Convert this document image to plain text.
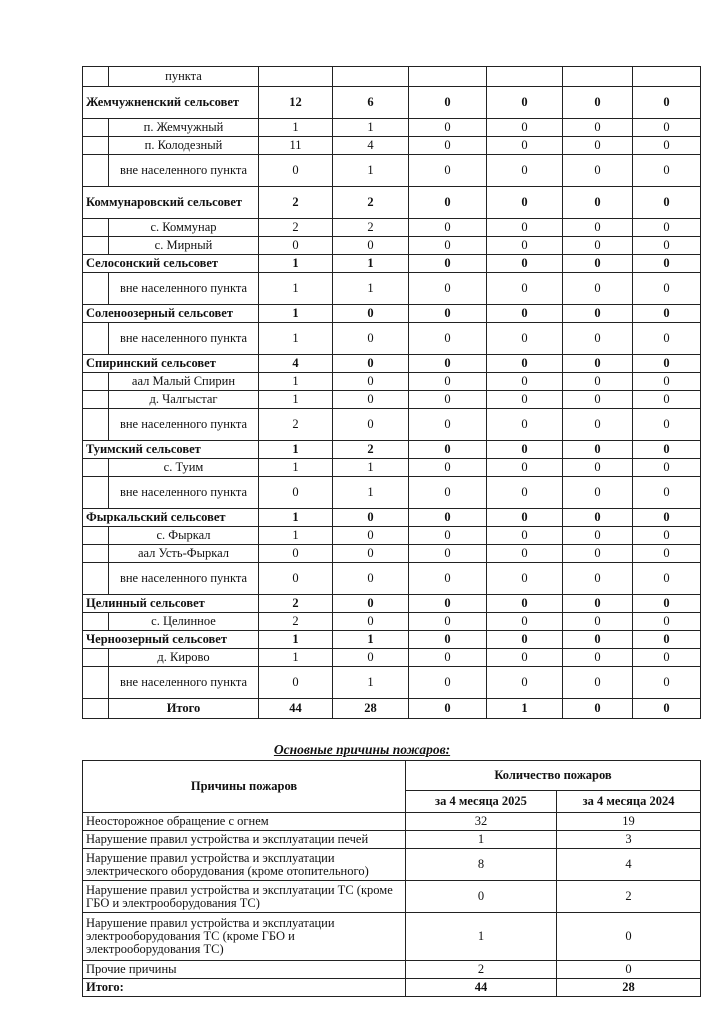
	пункта						
Жемчужненский сельсовет		12	6	0	0	0	0
	п. Жемчужный	1	1	0	0	0	0
	п. Колодезный	11	4	0	0	0	0
	вне населенного пункта	0	1	0	0	0	0
Коммунаровский сельсовет		2	2	0	0	0	0
	с. Коммунар	2	2	0	0	0	0
	с. Мирный	0	0	0	0	0	0
Селосонский сельсовет		1	1	0	0	0	0
	вне населенного пункта	1	1	0	0	0	0
Соленоозерный сельсовет		1	0	0	0	0	0
	вне населенного пункта	1	0	0	0	0	0
Спиринский сельсовет		4	0	0	0	0	0
	аал Малый Спирин	1	0	0	0	0	0
	д. Чалгыстаг	1	0	0	0	0	0
	вне населенного пункта	2	0	0	0	0	0
Туимский сельсовет		1	2	0	0	0	0
	с. Туим	1	1	0	0	0	0
	вне населенного пункта	0	1	0	0	0	0
Фыркальский сельсовет		1	0	0	0	0	0
	с. Фыркал	1	0	0	0	0	0
	аал Усть-Фыркал	0	0	0	0	0	0
	вне населенного пункта	0	0	0	0	0	0
Целинный сельсовет		2	0	0	0	0	0
	с. Целинное	2	0	0	0	0	0
Черноозерный сельсовет		1	1	0	0	0	0
	д. Кирово	1	0	0	0	0	0
	вне населенного пункта	0	1	0	0	0	0
	Итого	44	28	0	1	0	0
Основные причины пожаров:
Причины пожаров	Количество пожаров	
	за 4 месяца 2025	за 4 месяца 2024
Неосторожное обращение с огнем	32	19
Нарушение правил устройства и эксплуатации печей	1	3
Нарушение правил устройства и эксплуатации электрического оборудования (кроме отопительного)	8	4
Нарушение правил устройства и эксплуатации ТС (кроме ГБО и электрооборудования ТС)	0	2
Нарушение правил устройства и эксплуатации электрооборудования ТС (кроме ГБО и электрооборудования ТС)	1	0
Прочие причины	2	0
Итого:	44	28
